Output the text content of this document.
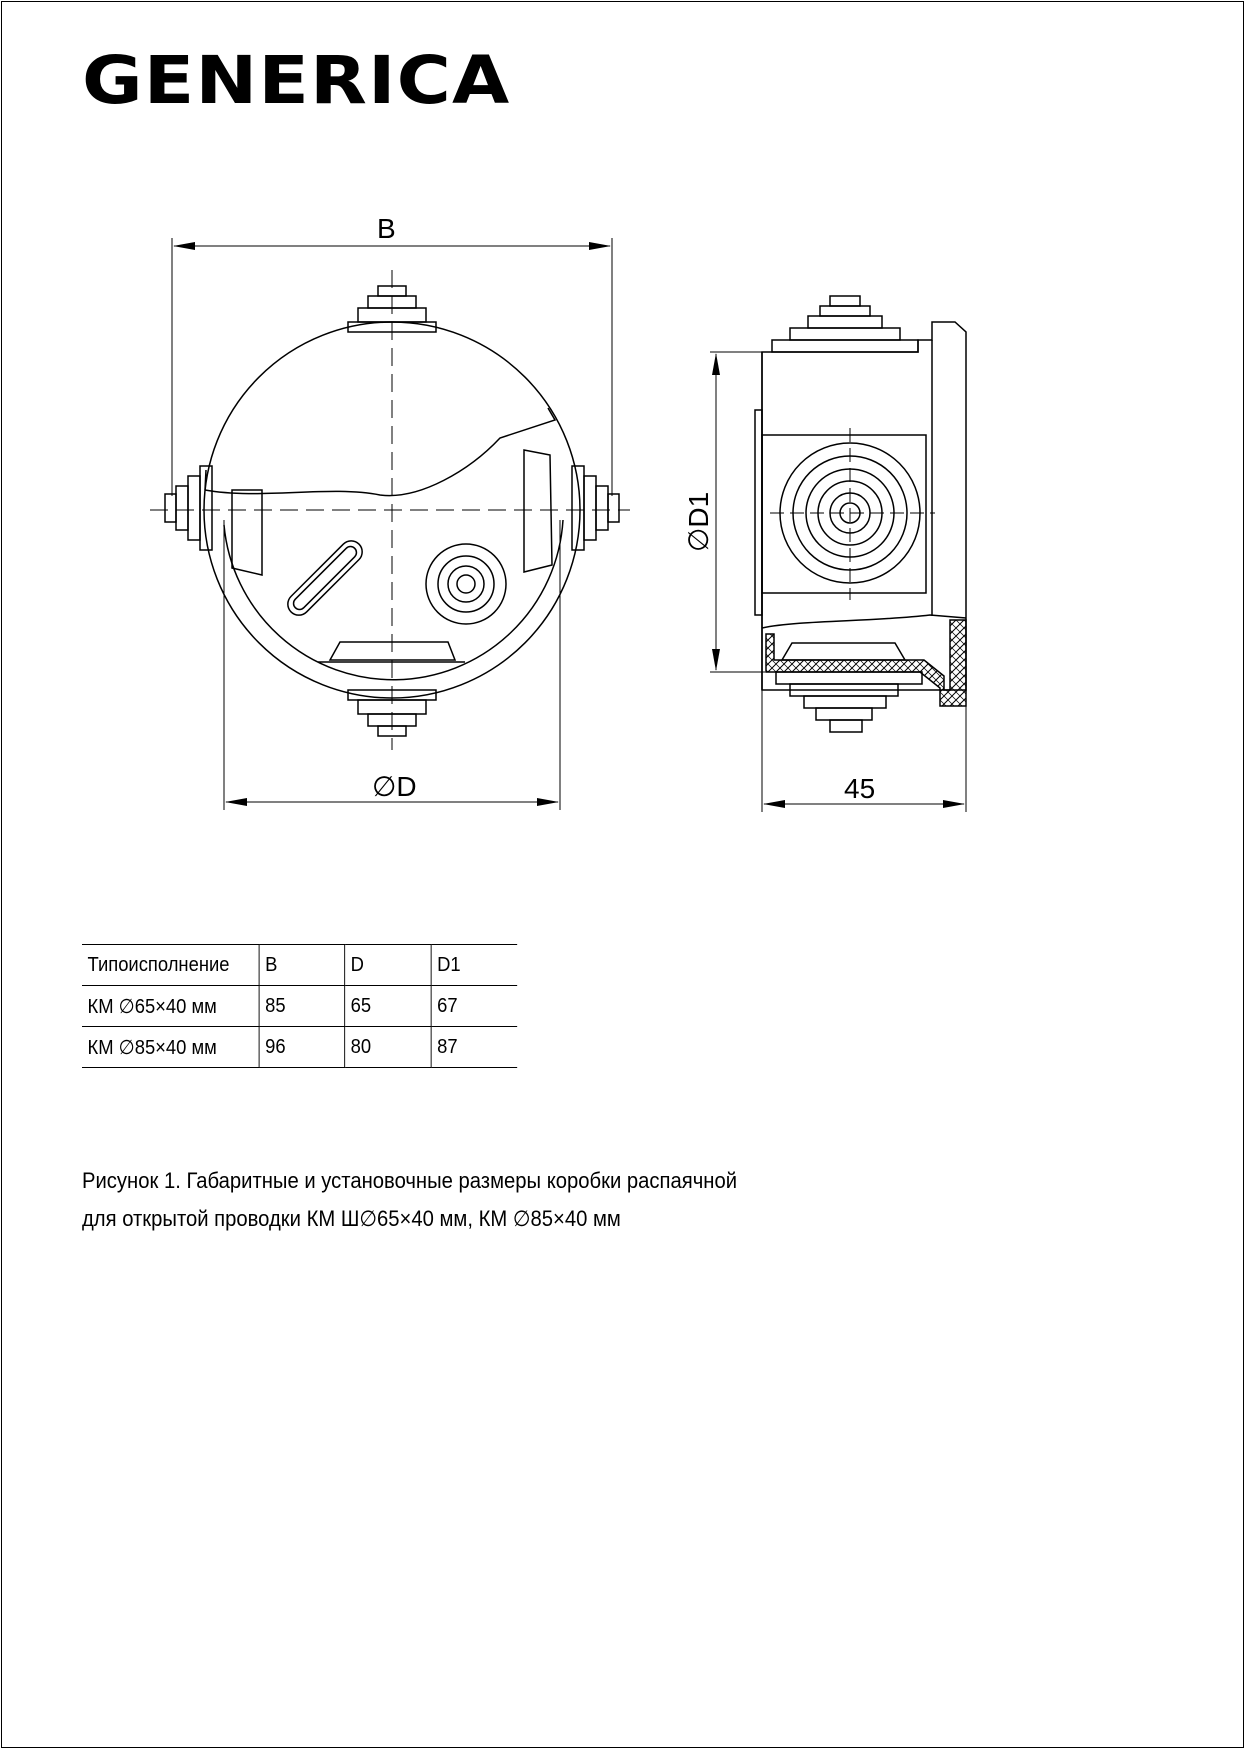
GENERICA
B
∅D
∅D1
45
Типоисполнение	B	D	D1
КМ ∅65×40 мм	85	65	67
КМ ∅85×40 мм	96	80	87
Рисунок 1. Габаритные и установочные размеры коробки распаячной
для открытой проводки КМ Ш∅65×40 мм, КМ ∅85×40 мм
